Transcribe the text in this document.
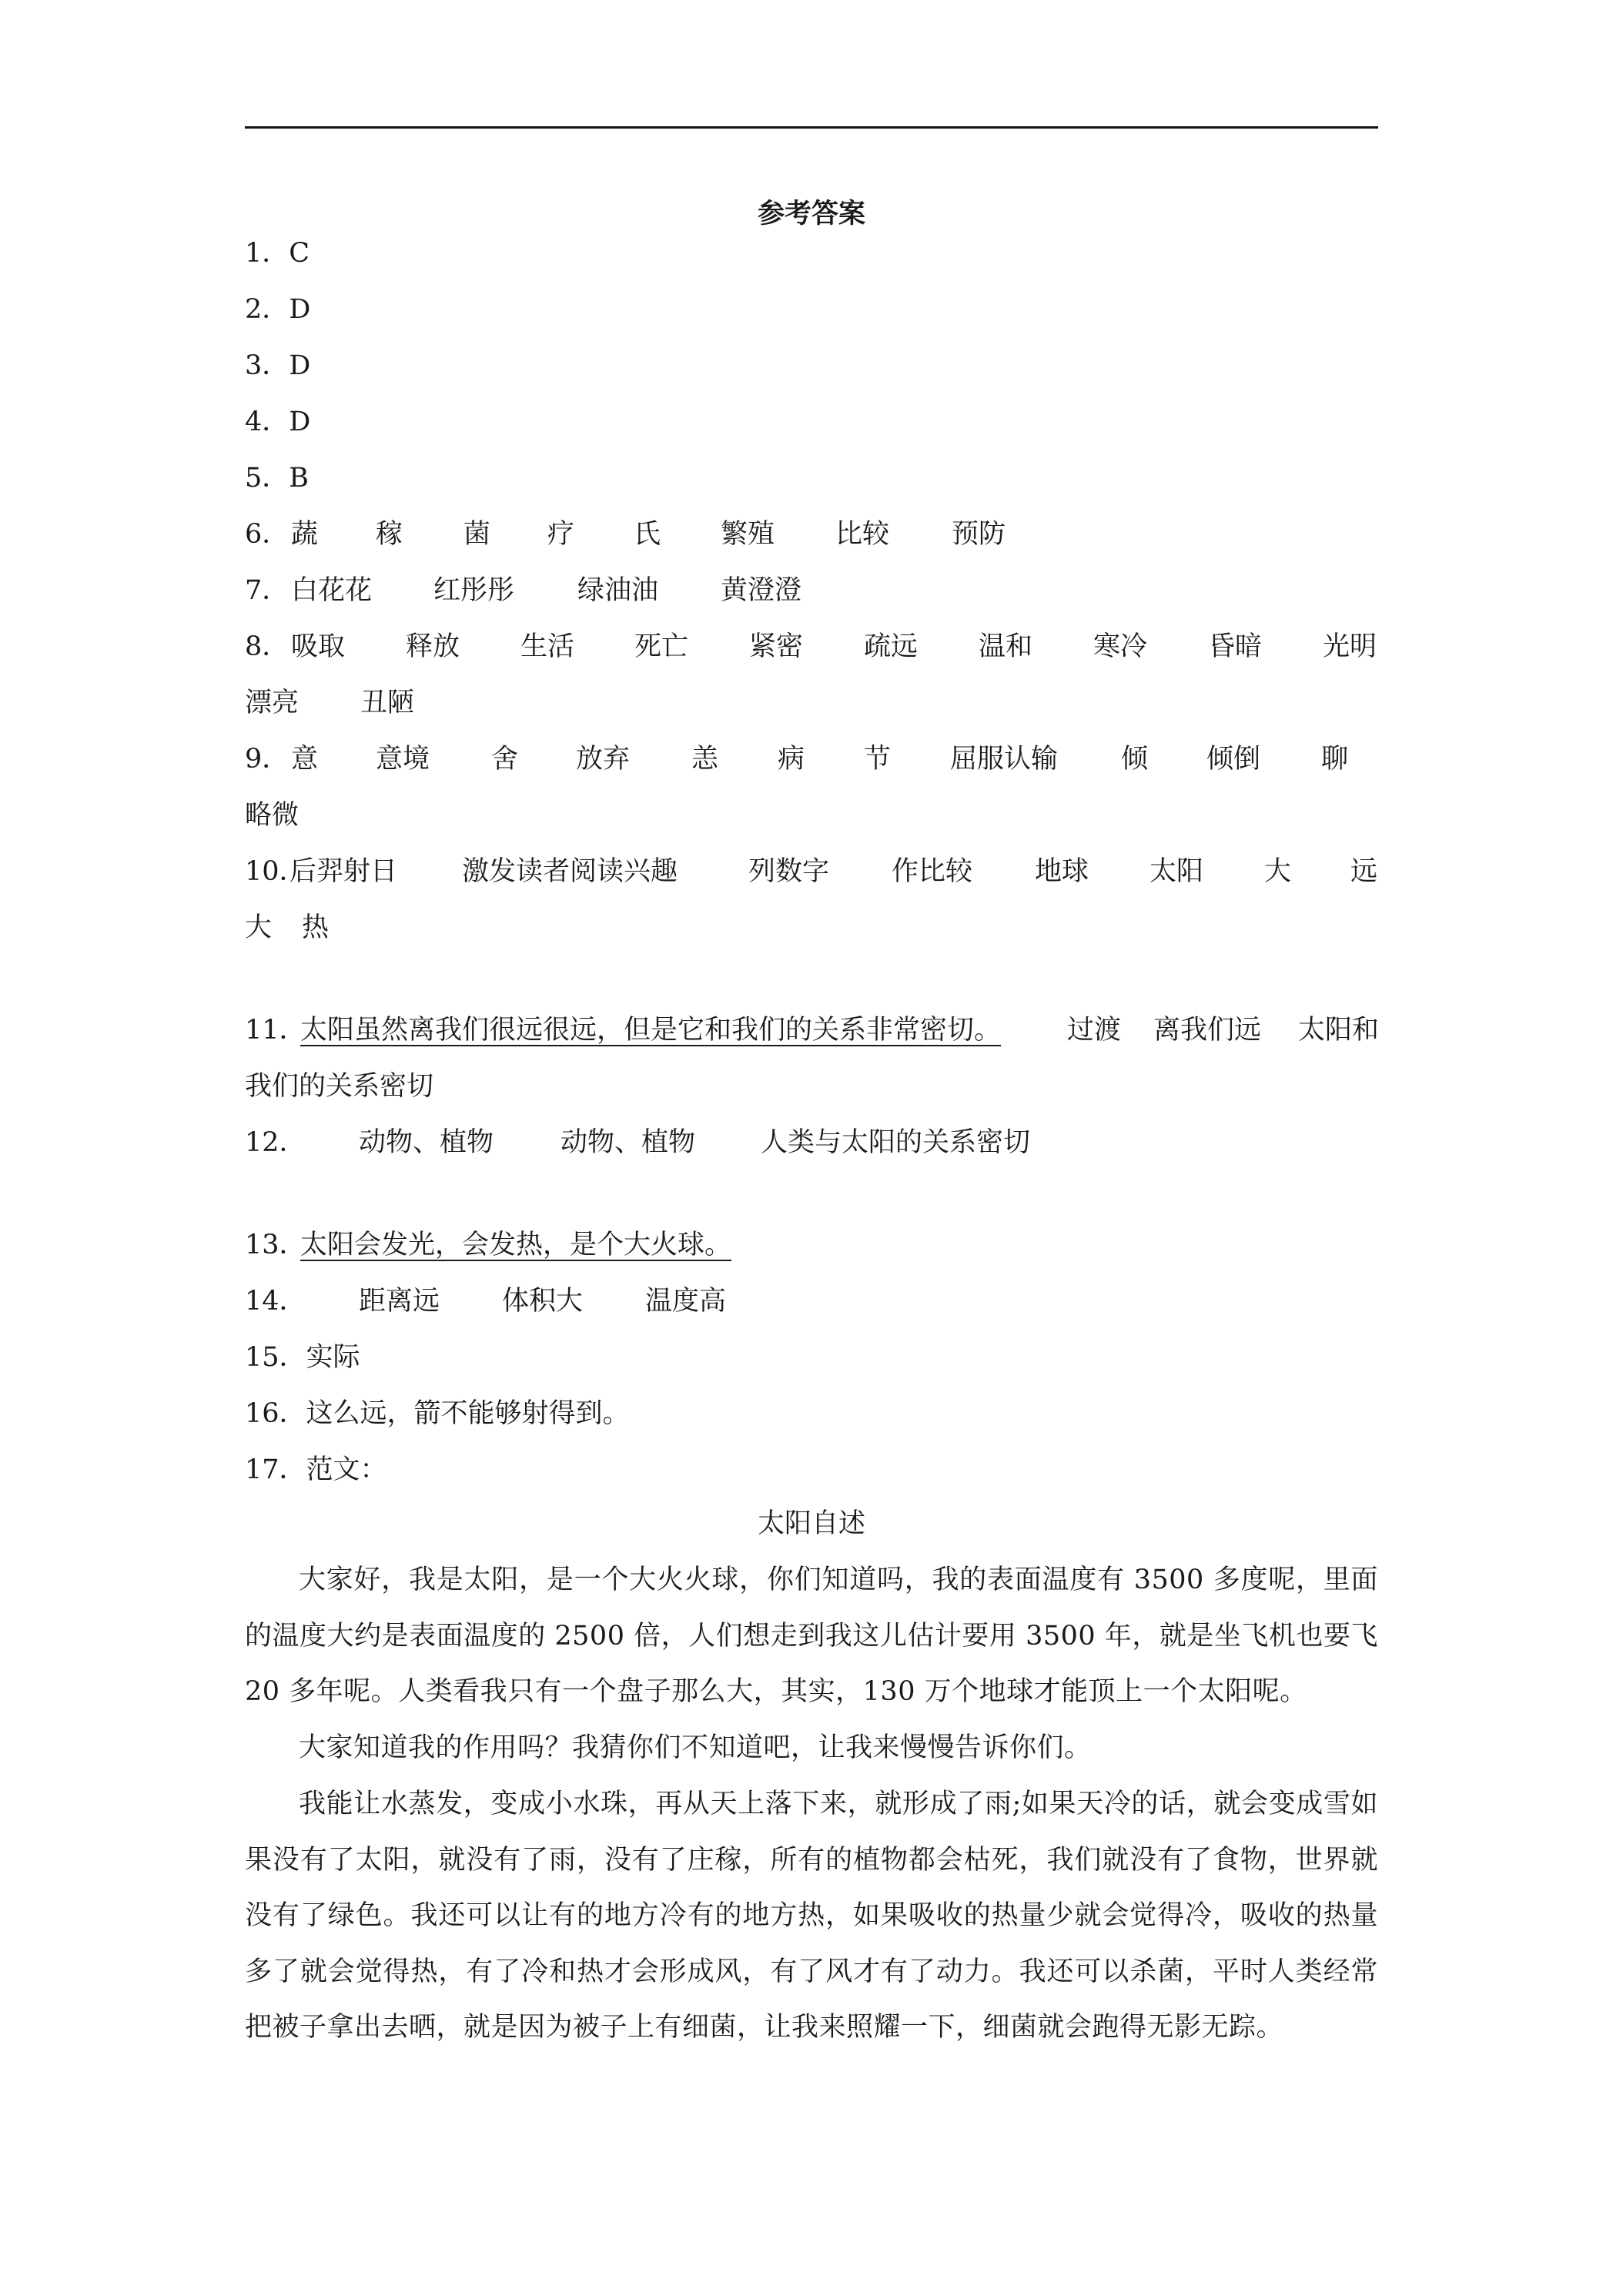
参考答案
1．C
2．D
3．D
4．D
5．B
6． 蔬 稼 菌 疗 氏 繁殖 比较 预防
7． 白花花 红彤彤 绿油油 黄澄澄
8． 吸取 释放 生活 死亡 紧密 疏远 温和 寒冷 昏暗 光明
漂亮 丑陋
9． 意 意境 舍 放弃 恙 病 节 屈服认输 倾 倾倒 聊
略微
10．
后羿射日 激发读者阅读兴趣	列数字 作比较 地球 太阳 大 远
大 热
11．
太阳虽然离我们很远很远，但是它和我们的关系非常密切。 过渡 离我们远 太阳和
我们的关系密切
12． 动物、植物 动物、植物 人类与太阳的关系密切
13．
太阳会发光，会发热，是个大火球。
14． 距离远 体积大 温度高
15．实际
16．这么远，箭不能够射得到。
17．范文：
太阳自述
大家好，我是太阳，是一个大火火球，你们知道吗，我的表面温度有 3500 多度呢，里面的温度大约是表面温度的 2500 倍，人们想走到我这儿估计要用 3500 年，就是坐飞机也要飞 20 多年呢。人类看我只有一个盘子那么大，其实，130 万个地球才能顶上一个太阳呢。
大家知道我的作用吗？我猜你们不知道吧，让我来慢慢告诉你们。
我能让水蒸发，变成小水珠，再从天上落下来，就形成了雨;如果天冷的话，就会变成雪如果没有了太阳，就没有了雨，没有了庄稼，所有的植物都会枯死，我们就没有了食物，世界就没有了绿色。我还可以让有的地方冷有的地方热，如果吸收的热量少就会觉得冷，吸收的热量多了就会觉得热，有了冷和热才会形成风，有了风才有了动力。我还可以杀菌，平时人类经常把被子拿出去晒，就是因为被子上有细菌，让我来照耀一下，细菌就会跑得无影无踪。
